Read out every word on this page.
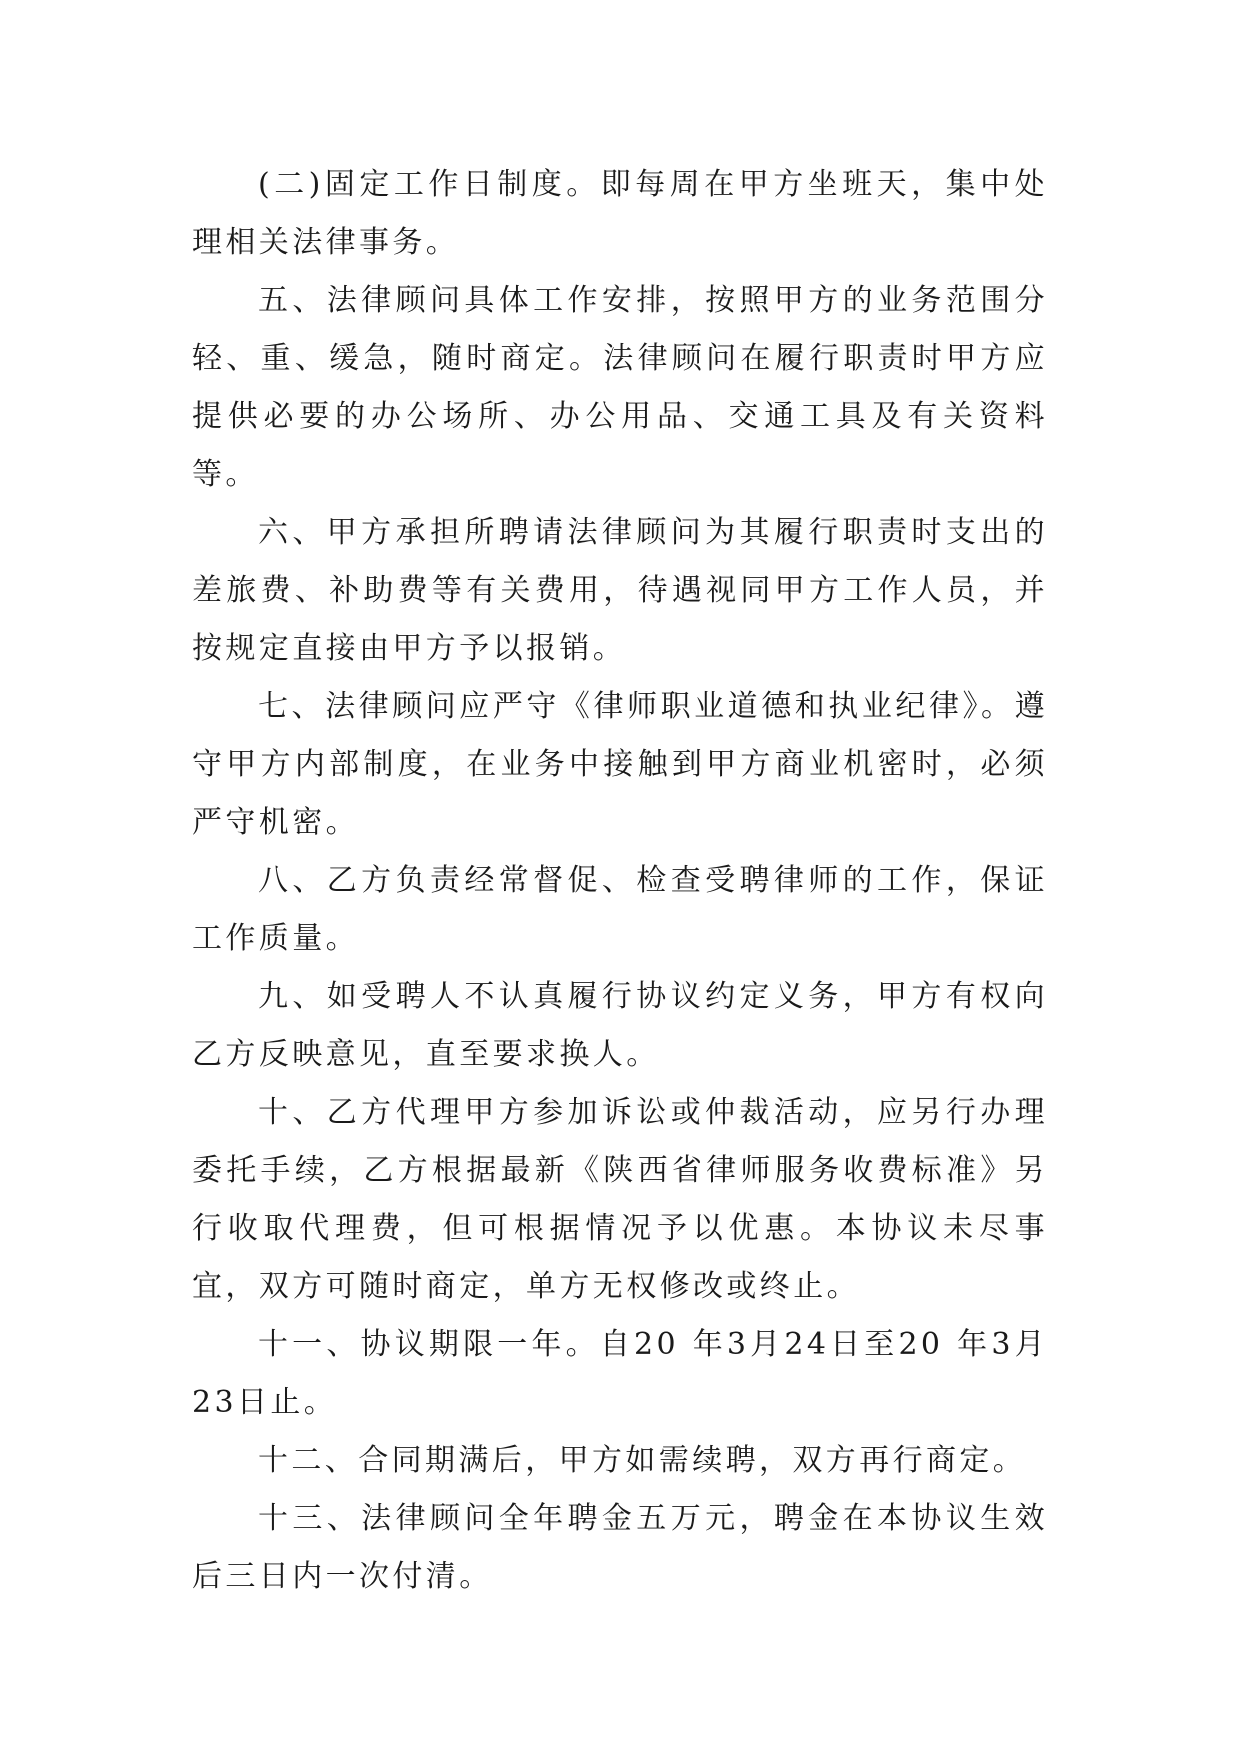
(二)固定工作日制度。即每周在甲方坐班天，集中处理相关法律事务。

五、法律顾问具体工作安排，按照甲方的业务范围分轻、重、缓急，随时商定。法律顾问在履行职责时甲方应提供必要的办公场所、办公用品、交通工具及有关资料等。

六、甲方承担所聘请法律顾问为其履行职责时支出的差旅费、补助费等有关费用，待遇视同甲方工作人员，并按规定直接由甲方予以报销。

七、法律顾问应严守《律师职业道德和执业纪律》。遵守甲方内部制度，在业务中接触到甲方商业机密时，必须严守机密。

八、乙方负责经常督促、检查受聘律师的工作，保证工作质量。

九、如受聘人不认真履行协议约定义务，甲方有权向乙方反映意见，直至要求换人。

十、乙方代理甲方参加诉讼或仲裁活动，应另行办理委托手续，乙方根据最新《陕西省律师服务收费标准》另行收取代理费，但可根据情况予以优惠。本协议未尽事宜，双方可随时商定，单方无权修改或终止。

十一、协议期限一年。自20 年3月24日至20 年3月23日止。

十二、合同期满后，甲方如需续聘，双方再行商定。

十三、法律顾问全年聘金五万元，聘金在本协议生效后三日内一次付清。
